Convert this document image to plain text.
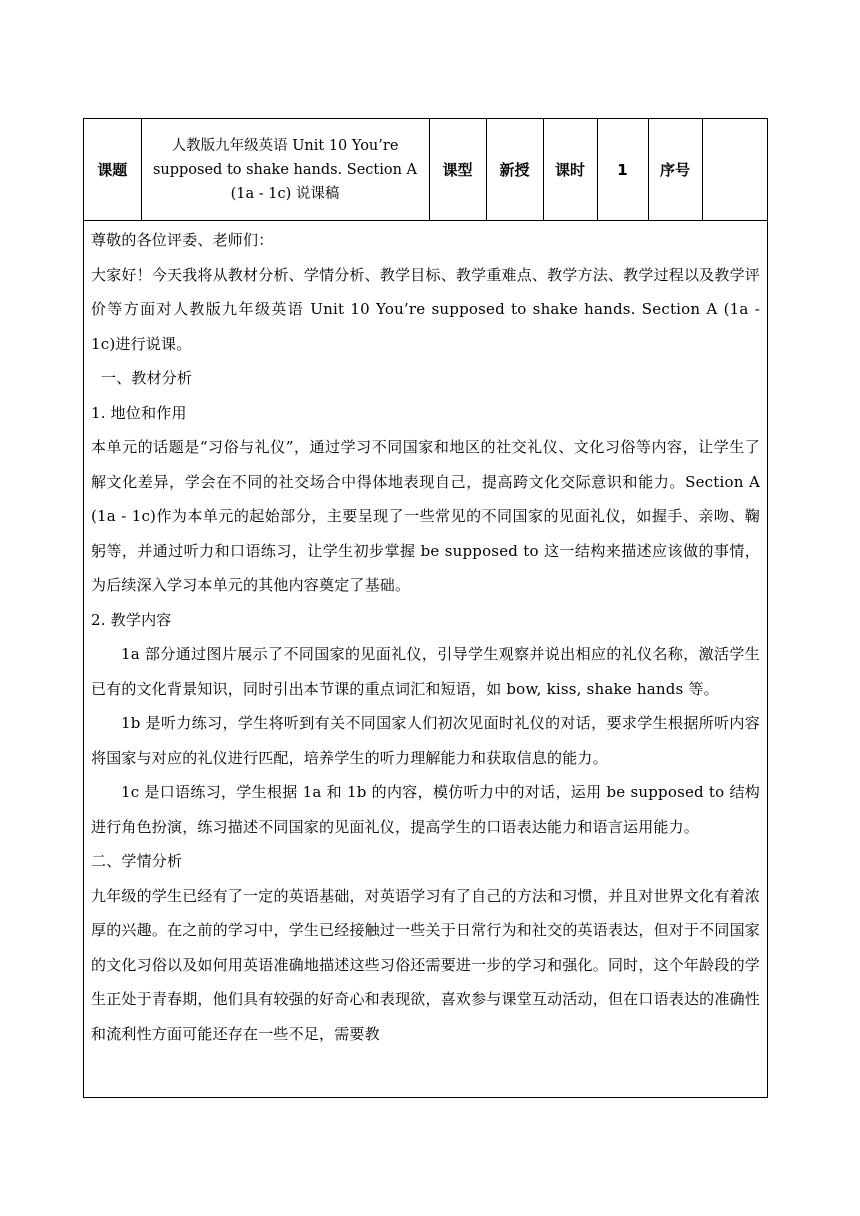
课题	人教版九年级英语 Unit 10 You’re supposed to shake hands. Section A (1a - 1c) 说课稿	课型	新授	课时	1	序号	

尊敬的各位评委、老师们：

大家好！今天我将从教材分析、学情分析、教学目标、教学重难点、教学方法、教学过程以及教学评价等方面对人教版九年级英语 Unit 10 You’re supposed to shake hands. Section A (1a - 1c)进行说课。

一、教材分析

1. 地位和作用

本单元的话题是“习俗与礼仪”，通过学习不同国家和地区的社交礼仪、文化习俗等内容，让学生了解文化差异，学会在不同的社交场合中得体地表现自己，提高跨文化交际意识和能力。Section A (1a - 1c)作为本单元的起始部分，主要呈现了一些常见的不同国家的见面礼仪，如握手、亲吻、鞠躬等，并通过听力和口语练习，让学生初步掌握 be supposed to 这一结构来描述应该做的事情，为后续深入学习本单元的其他内容奠定了基础。

2. 教学内容

1a 部分通过图片展示了不同国家的见面礼仪，引导学生观察并说出相应的礼仪名称，激活学生已有的文化背景知识，同时引出本节课的重点词汇和短语，如 bow, kiss, shake hands 等。

1b 是听力练习，学生将听到有关不同国家人们初次见面时礼仪的对话，要求学生根据所听内容将国家与对应的礼仪进行匹配，培养学生的听力理解能力和获取信息的能力。

1c 是口语练习，学生根据 1a 和 1b 的内容，模仿听力中的对话，运用 be supposed to 结构进行角色扮演，练习描述不同国家的见面礼仪，提高学生的口语表达能力和语言运用能力。

二、学情分析

九年级的学生已经有了一定的英语基础，对英语学习有了自己的方法和习惯，并且对世界文化有着浓厚的兴趣。在之前的学习中，学生已经接触过一些关于日常行为和社交的英语表达，但对于不同国家的文化习俗以及如何用英语准确地描述这些习俗还需要进一步的学习和强化。同时，这个年龄段的学生正处于青春期，他们具有较强的好奇心和表现欲，喜欢参与课堂互动活动，但在口语表达的准确性和流利性方面可能还存在一些不足，需要教
